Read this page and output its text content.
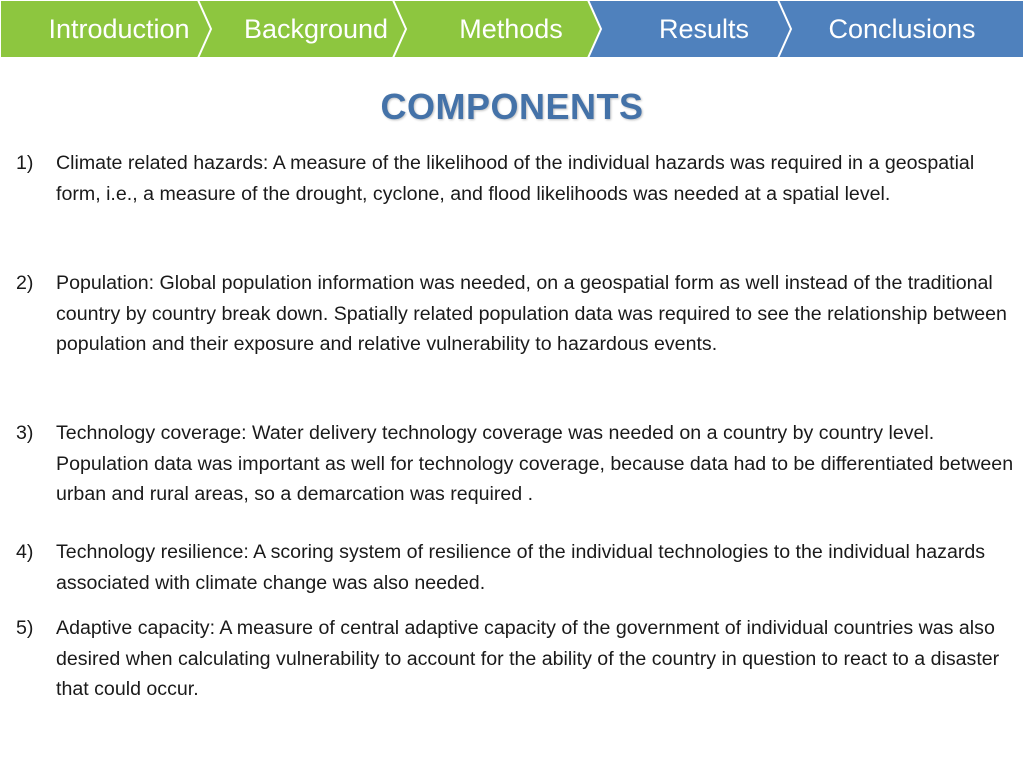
Introduction	Background	Methods	Results	Conclusions
COMPONENTS
1) Climate related hazards: A measure of the likelihood of the individual hazards was required in a geospatial form, i.e., a measure of the drought, cyclone, and flood likelihoods was needed at a spatial level.
2) Population: Global population information was needed, on a geospatial form as well instead of the traditional country by country break down. Spatially related population data was required to see the relationship between population and their exposure and relative vulnerability to hazardous events.
3) Technology coverage: Water delivery technology coverage was needed on a country by country level. Population data was important as well for technology coverage, because data had to be differentiated between urban and rural areas, so a demarcation was required .
4) Technology resilience: A scoring system of resilience of the individual technologies to the individual hazards associated with climate change was also needed.
5) Adaptive capacity: A measure of central adaptive capacity of the government of individual countries was also desired when calculating vulnerability to account for the ability of the country in question to react to a disaster that could occur.
